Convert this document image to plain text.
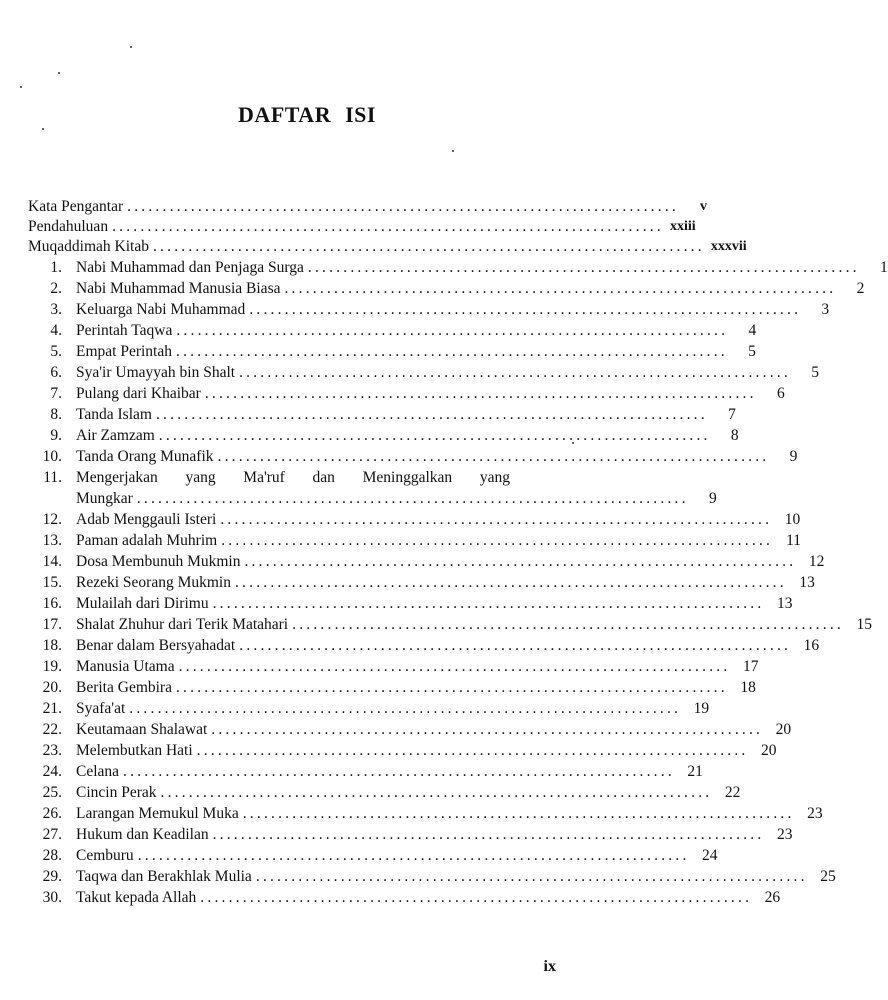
DAFTAR ISI
Kata Pengantar ..............................................................................	v
Pendahuluan .............................................................................. xxiii
Muqaddimah Kitab .............................................................................. xxxvii
1. Nabi Muhammad dan Penjaga Surga ..............................................................................	1
2. Nabi Muhammad Manusia Biasa ..............................................................................	2
3. Keluarga Nabi Muhammad ..............................................................................	3
4. Perintah Taqwa ..............................................................................	4
5. Empat Perintah ..............................................................................	5
6. Sya'ir Umayyah bin Shalt ..............................................................................	5
7. Pulang dari Khaibar ..............................................................................	6
8. Tanda Islam ..............................................................................	7
9. Air Zamzam ..............................................................................	8
10. Tanda Orang Munafik ..............................................................................	9
11. Mengerjakan yang Ma'ruf dan Meninggalkan yang
Mungkar ..............................................................................	9
12. Adab Menggauli Isteri .............................................................................. 10
13. Paman adalah Muhrim .............................................................................. 11
14. Dosa Membunuh Mukmin .............................................................................. 12
15. Rezeki Seorang Mukmin .............................................................................. 13
16. Mulailah dari Dirimu .............................................................................. 13
17. Shalat Zhuhur dari Terik Matahari .............................................................................. 15
18. Benar dalam Bersyahadat .............................................................................. 16
19. Manusia Utama .............................................................................. 17
20. Berita Gembira .............................................................................. 18
21. Syafa'at .............................................................................. 19
22. Keutamaan Shalawat .............................................................................. 20
23. Melembutkan Hati .............................................................................. 20
24. Celana .............................................................................. 21
25. Cincin Perak .............................................................................. 22
26. Larangan Memukul Muka .............................................................................. 23
27. Hukum dan Keadilan .............................................................................. 23
28. Cemburu .............................................................................. 24
29. Taqwa dan Berakhlak Mulia .............................................................................. 25
30. Takut kepada Allah .............................................................................. 26
ix
